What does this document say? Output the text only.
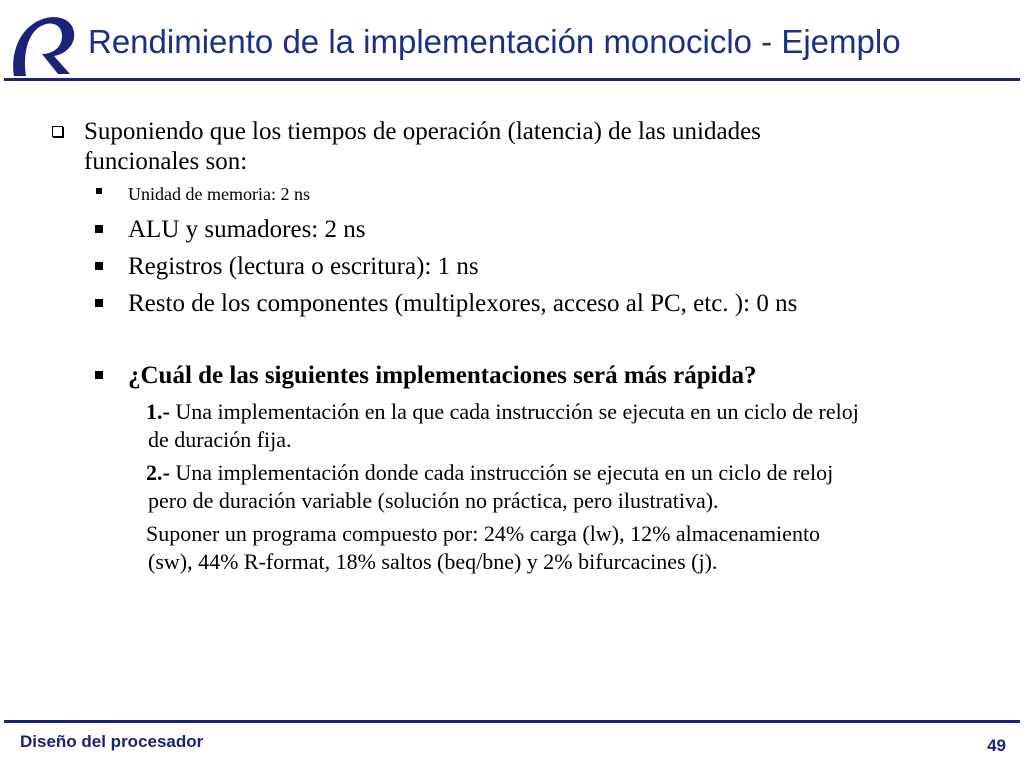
Rendimiento de la implementación monociclo - Ejemplo
Suponiendo que los tiempos de operación (latencia) de las unidades
funcionales son:
Unidad de memoria: 2 ns
ALU y sumadores: 2 ns
Registros (lectura o escritura): 1 ns
Resto de los componentes (multiplexores, acceso al PC, etc. ): 0 ns
¿Cuál de las siguientes implementaciones será más rápida?
1.- Una implementación en la que cada instrucción se ejecuta en un ciclo de reloj
de duración fija.
2.- Una implementación donde cada instrucción se ejecuta en un ciclo de reloj
pero de duración variable (solución no práctica, pero ilustrativa).
Suponer un programa compuesto por: 24% carga (lw), 12% almacenamiento
(sw), 44% R-format, 18% saltos (beq/bne) y 2% bifurcacines (j).
Diseño del procesador	49
